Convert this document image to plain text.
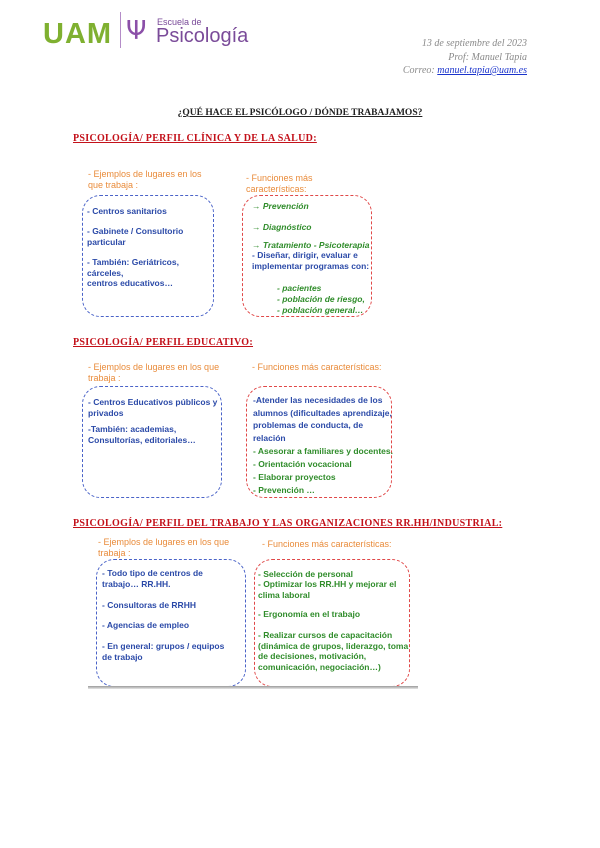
UAM Ψ Escuela de
Psicología	13 de septiembre del 2023
Prof: Manuel Tapia
Correo: manuel.tapia@uam.es
¿QUÉ HACE EL PSICÓLOGO / DÓNDE TRABAJAMOS?
PSICOLOGÍA/ PERFIL CLÍNICA Y DE LA SALUD:
- Ejemplos de lugares en los que trabaja :
- Centros sanitarios
- Gabinete / Consultorio particular
- También: Geriátricos, cárceles,
centros educativos…
- Funciones más características:
→ Prevención
→ Diagnóstico
→ Tratamiento - Psicoterapia
- Diseñar, dirigir, evaluar e implementar programas con:
- pacientes
- población de riesgo,
- población general…
PSICOLOGÍA/ PERFIL EDUCATIVO:
- Ejemplos de lugares en los que trabaja :
- Centros Educativos públicos y privados
-También: academias, Consultorías, editoriales…
- Funciones más características:
-Atender las necesidades de los alumnos (dificultades aprendizaje, problemas de conducta, de relación
- Asesorar a familiares y docentes.
- Orientación vocacional
- Elaborar proyectos
- Prevención …
PSICOLOGÍA/ PERFIL DEL TRABAJO Y LAS ORGANIZACIONES RR.HH/INDUSTRIAL:
- Ejemplos de lugares en los que trabaja :
- Todo tipo de centros de trabajo… RR.HH.
- Consultoras de RRHH
- Agencias de empleo
- En general: grupos / equipos de trabajo
- Funciones más características:
- Selección de personal
- Optimizar los RR.HH y mejorar el clima laboral
- Ergonomía en el trabajo
- Realizar cursos de capacitación (dinámica de grupos, liderazgo, toma de decisiones, motivación, comunicación, negociación…)
